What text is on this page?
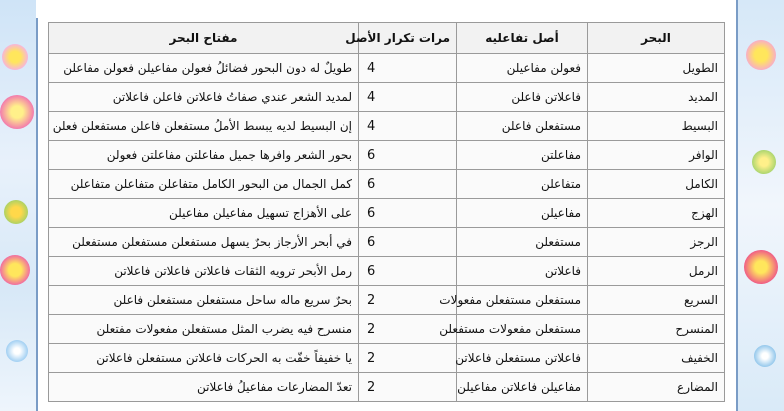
البحر	أصل تفاعليه	مرات تكرار الأصل	مفتاح البحر
الطويل	فعولن مفاعيلن	4	طويلٌ له دون البحور فضائلُ فعولن مفاعيلن فعولن مفاعلن
المديد	فاعلاتن فاعلن	4	لمديد الشعر عندي صفاتُ فاعلاتن فاعلن فاعلاتن
البسيط	مستفعلن فاعلن	4	إن البسيط لديه يبسط الأملُ مستفعلن فاعلن مستفعلن فعلن
الوافر	مفاعلتن	6	بحور الشعر وافرها جميل مفاعلتن مفاعلتن فعولن
الكامل	متفاعلن	6	كمل الجمال من البحور الكامل متفاعلن متفاعلن متفاعلن
الهزج	مفاعيلن	6	على الأهزاج تسهيل مفاعيلن مفاعيلن
الرجز	مستفعلن	6	في أبحر الأرجاز بحرٌ يسهل مستفعلن مستفعلن مستفعلن
الرمل	فاعلاتن	6	رمل الأبحر ترويه الثقات فاعلاتن فاعلاتن فاعلاتن
السريع	مستفعلن مستفعلن مفعولات	2	بحرٌ سريع ماله ساحل مستفعلن مستفعلن فاعلن
المنسرح	مستفعلن مفعولات مستفعلن	2	منسرح فيه يضرب المثل مستفعلن مفعولات مفتعلن
الخفيف	فاعلاتن مستفعلن فاعلاتن	2	يا خفيفاً خفّت به الحركات فاعلاتن مستفعلن فاعلاتن
المضارع	مفاعيلن فاعلاتن مفاعيلن	2	تعدّ المضارعات مفاعيلُ فاعلاتن
